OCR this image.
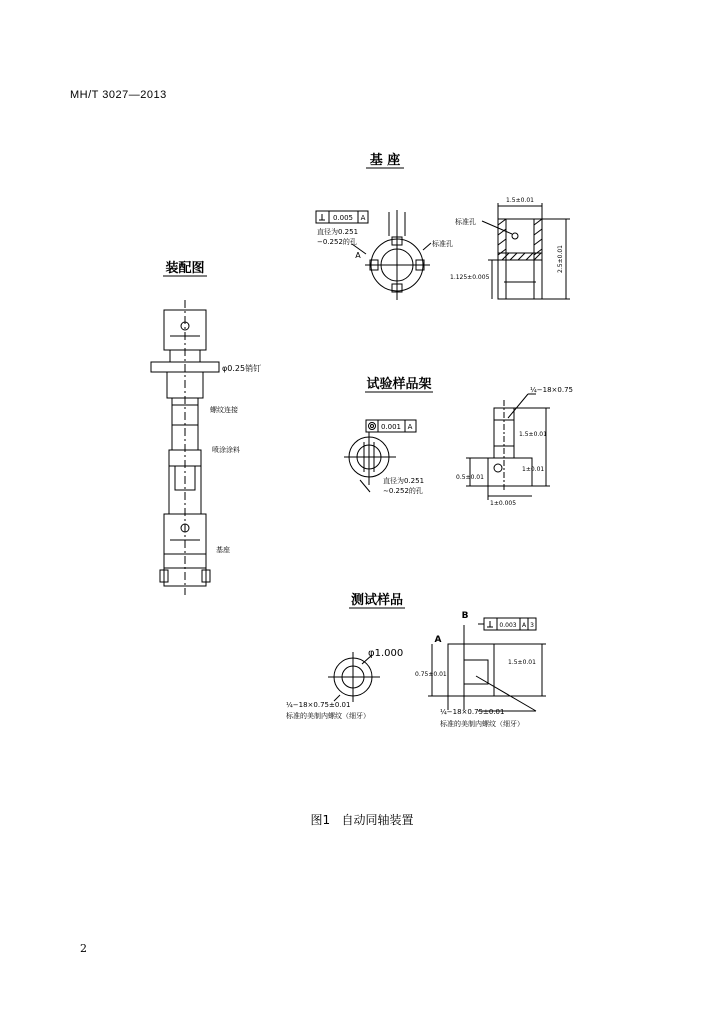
MH/T 3027—2013
基 座
0.005 A
直径为0.251
−0.252的孔
A
标准孔
标准孔
1.5±0.01
2.5±0.01
1.125±0.005
装配图
φ0.25销钉
螺纹连接
喷涂涂料
基座
试验样品架
0.001 A
直径为0.251
∼0.252的孔
¼−18×0.75
1.5±0.01
1±0.01
0.5±0.01
1±0.005
测试样品
B
0.003 A 3
A
φ1.000
¼−18×0.75±0.01
标准的美制内螺纹（细牙）
1.5±0.01
0.75±0.01
¼−18×0.75±0.01
标准的美制内螺纹（细牙）
图1 自动同轴装置
2
